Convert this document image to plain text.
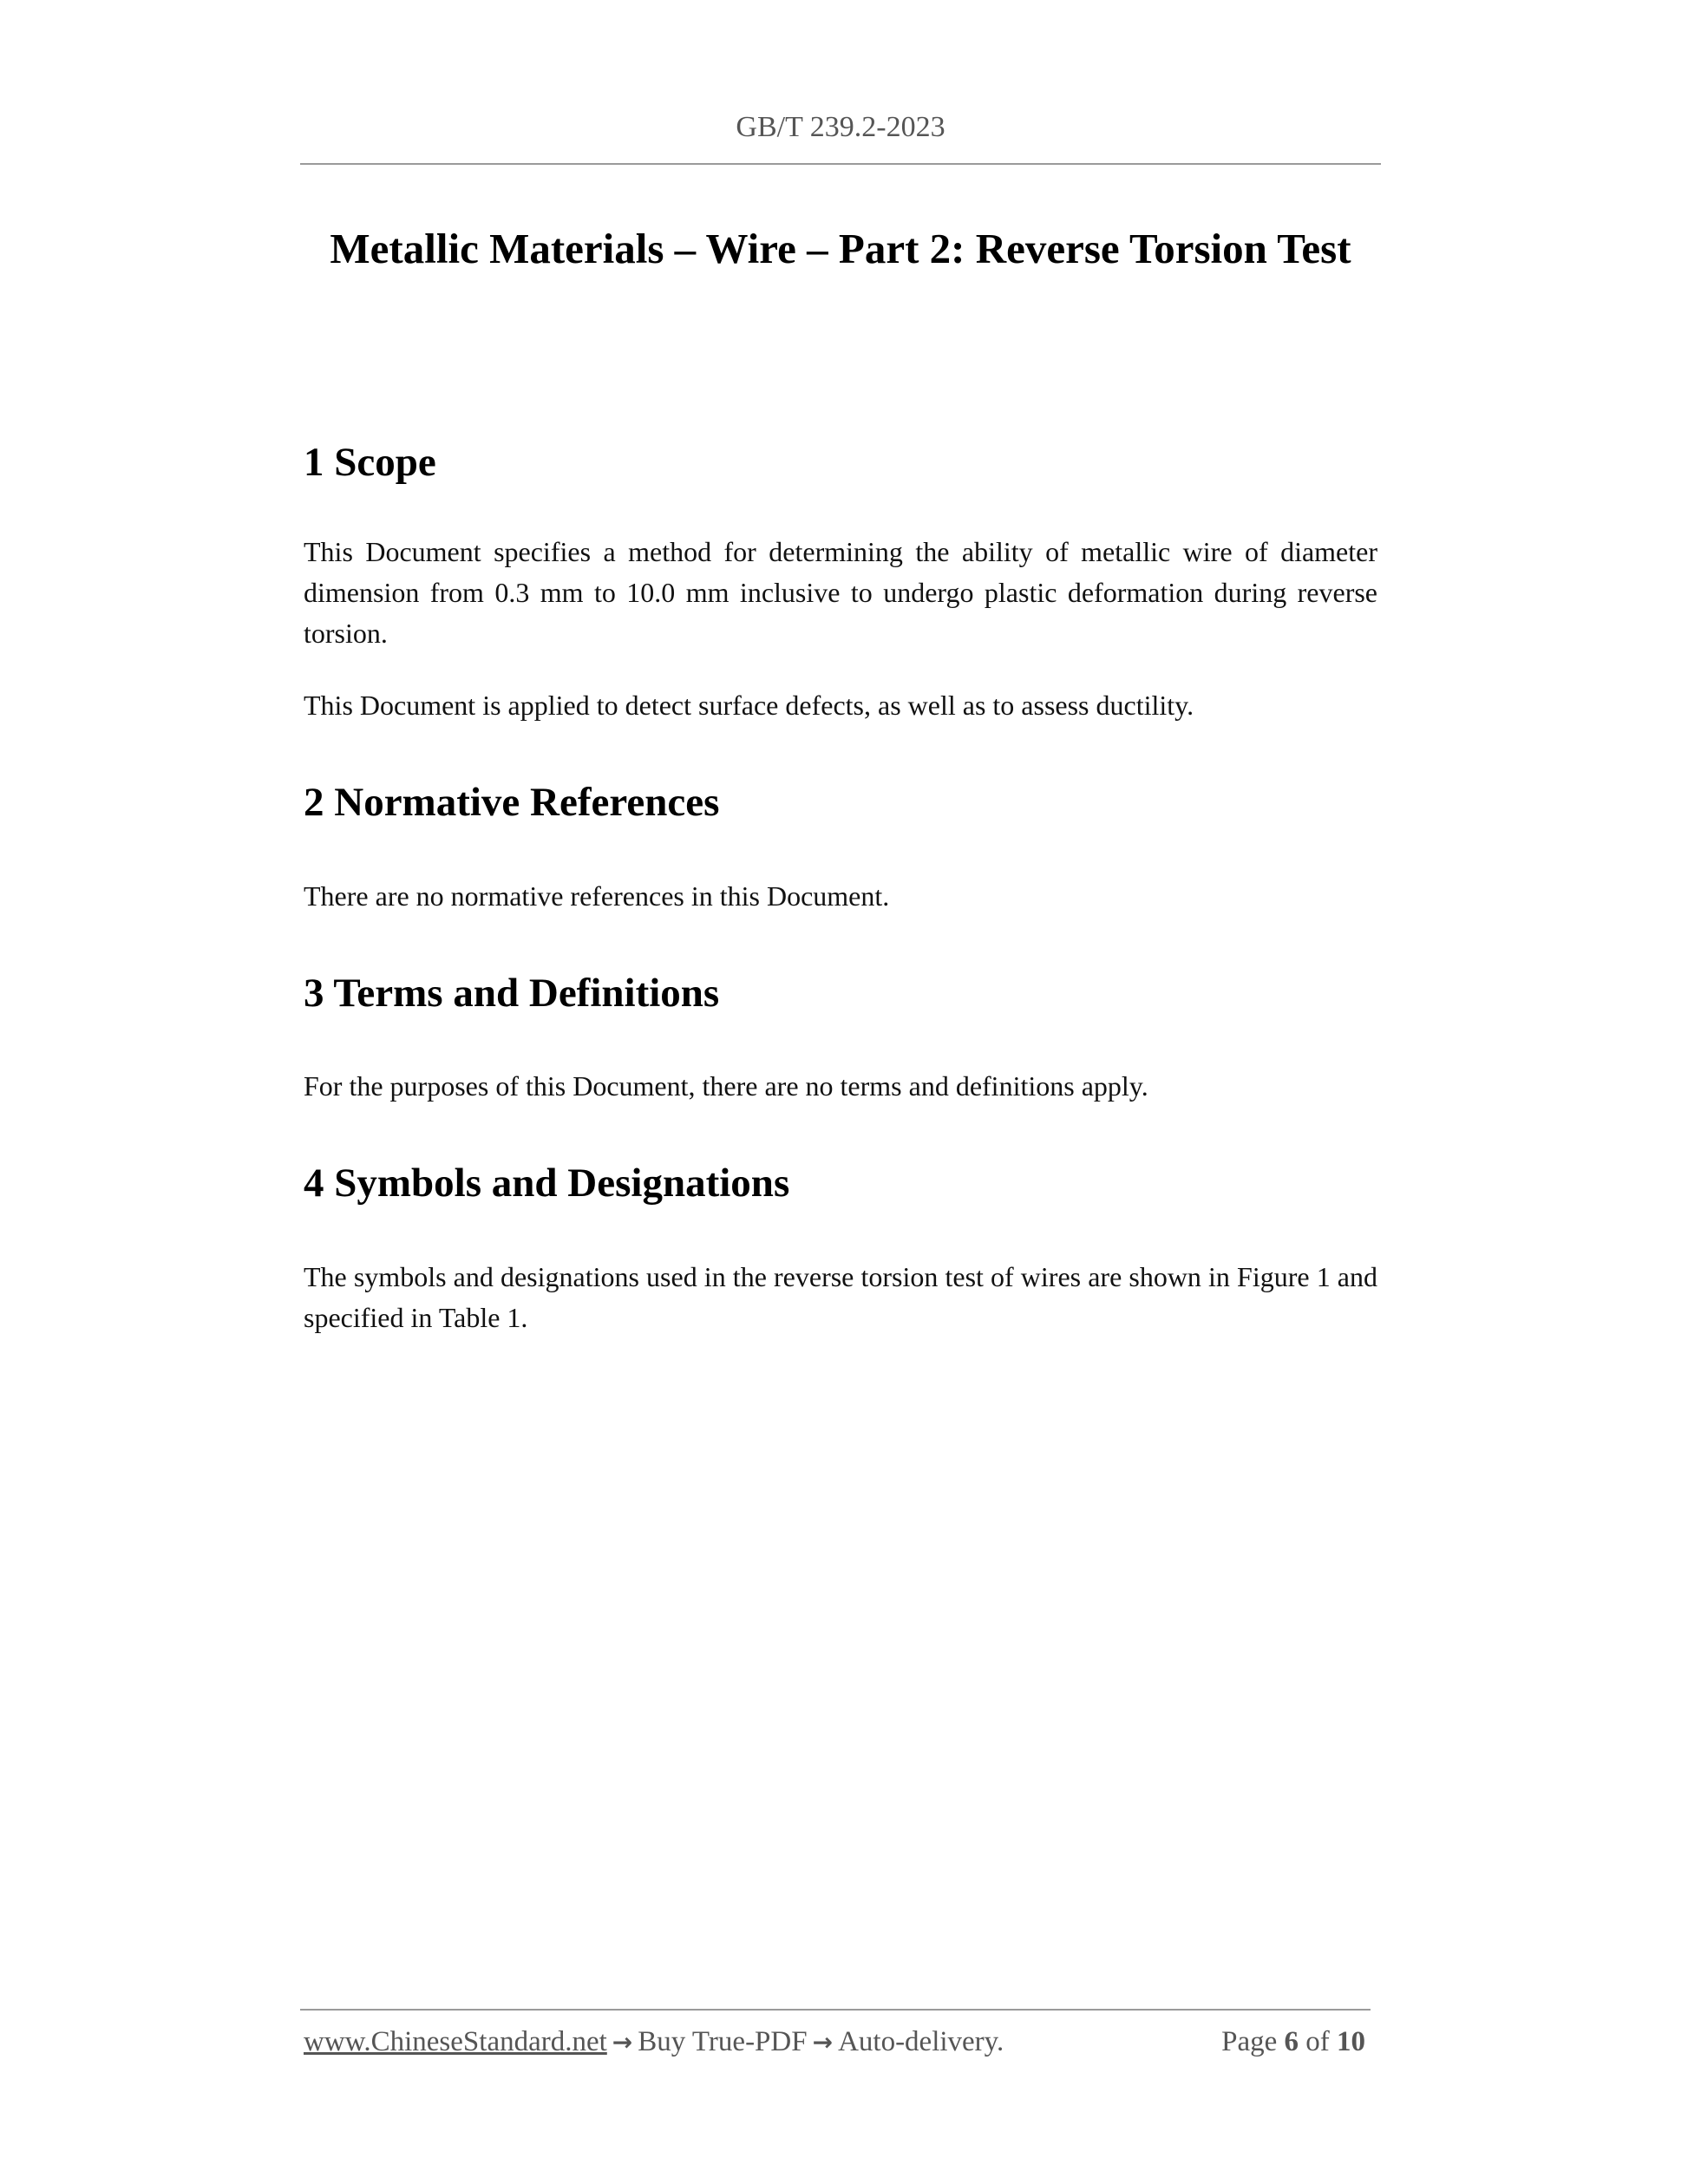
GB/T 239.2-2023
Metallic Materials – Wire – Part 2: Reverse Torsion Test
1 Scope

This Document specifies a method for determining the ability of metallic wire of diameter dimension from 0.3 mm to 10.0 mm inclusive to undergo plastic deformation during reverse torsion.

This Document is applied to detect surface defects, as well as to assess ductility.

2 Normative References

There are no normative references in this Document.

3 Terms and Definitions

For the purposes of this Document, there are no terms and definitions apply.

4 Symbols and Designations

The symbols and designations used in the reverse torsion test of wires are shown in Figure 1 and specified in Table 1.

www.ChineseStandard.net → Buy True-PDF → Auto-delivery.	Page 6 of 10
